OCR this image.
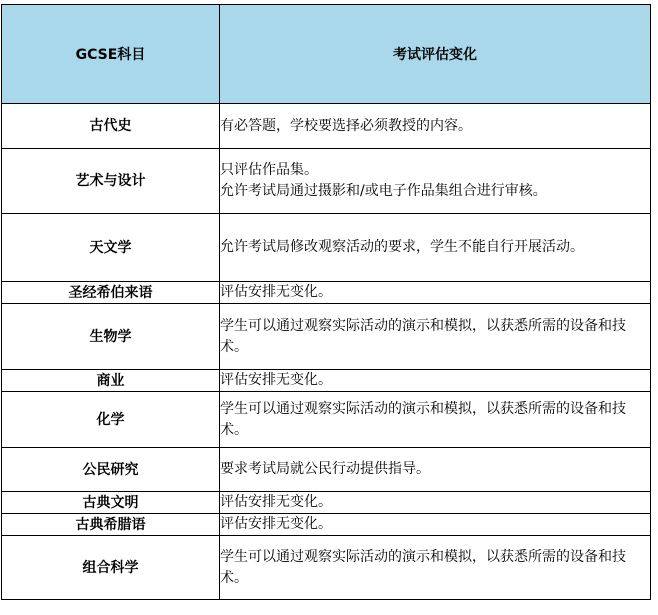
GCSE科目	考试评估变化
古代史	有必答题，学校要选择必须教授的内容。

艺术与设计	只评估作品集。
允许考试局通过摄影和/或电子作品集组合进行审核。

天文学	允许考试局修改观察活动的要求，学生不能自行开展活动。

圣经希伯来语	评估安排无变化。

生物学	学生可以通过观察实际活动的演示和模拟，以获悉所需的设备和技术。

商业	评估安排无变化。

化学	学生可以通过观察实际活动的演示和模拟，以获悉所需的设备和技术。

公民研究	要求考试局就公民行动提供指导。

古典文明	评估安排无变化。

古典希腊语	评估安排无变化。

组合科学	学生可以通过观察实际活动的演示和模拟，以获悉所需的设备和技术。
